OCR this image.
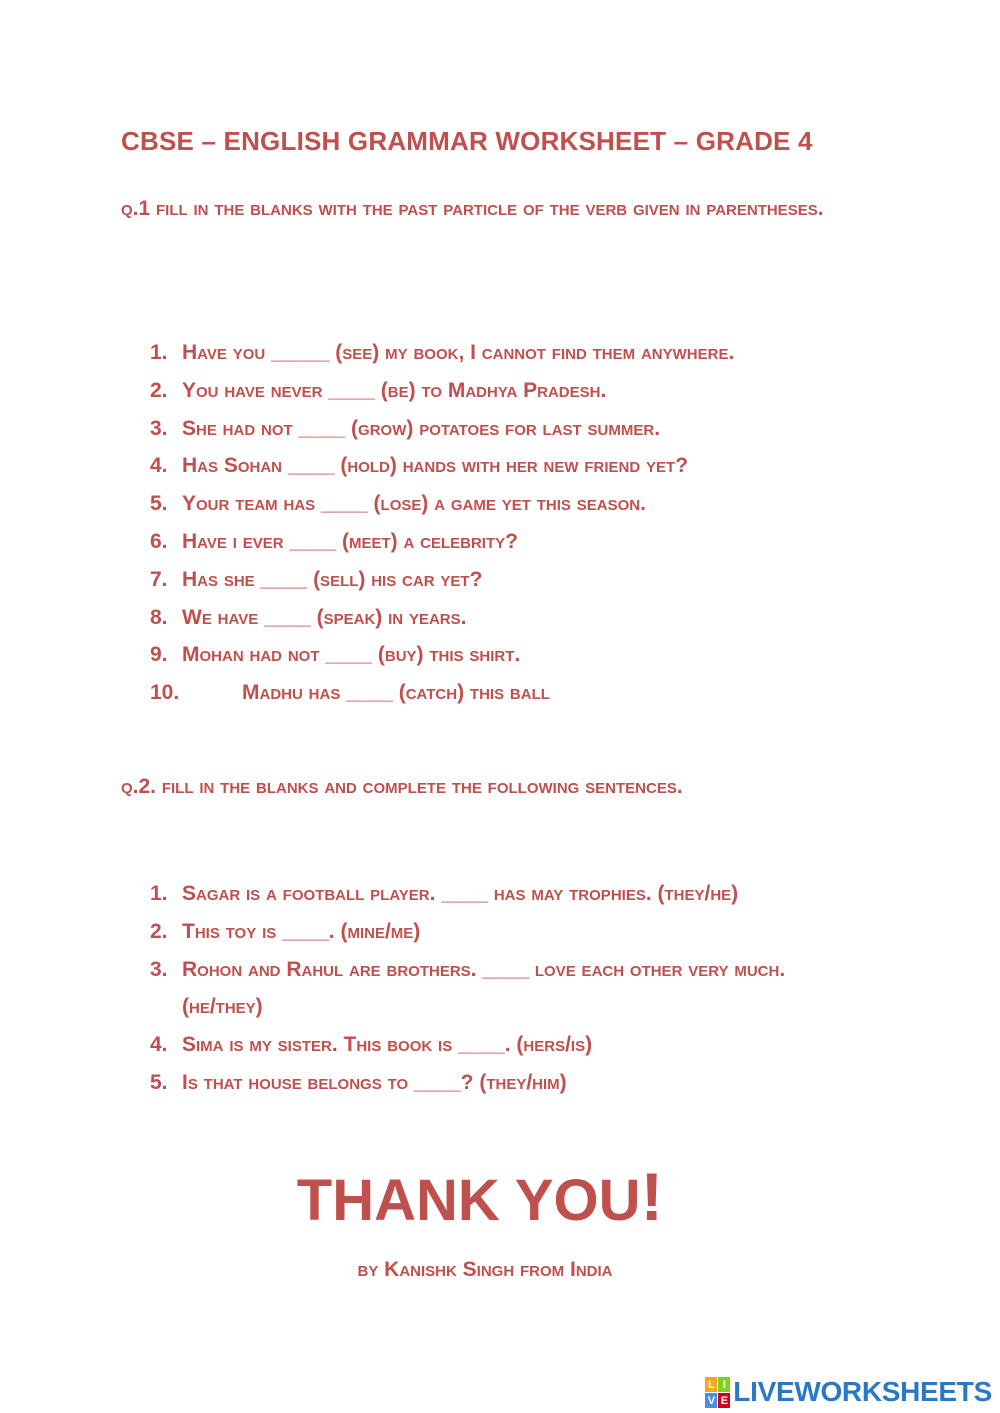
CBSE – ENGLISH GRAMMAR WORKSHEET – GRADE 4
q.1 fill in the blanks with the past particle of the verb given in parentheses.
1. Have you _____ (see) my book, I cannot find them anywhere.
2. You have never ____ (be) to Madhya Pradesh.
3. She had not ____ (grow) potatoes for last summer.
4. Has Sohan ____ (hold) hands with her new friend yet?
5. Your team has ____ (lose) a game yet this season.
6. Have i ever ____ (meet) a celebrity?
7. Has she ____ (sell) his car yet?
8. We have ____ (speak) in years.
9. Mohan had not ____ (buy) this shirt.
10.	Madhu has ____ (catch) this ball
q.2. fill in the blanks and complete the following sentences.
1. Sagar is a football player. ____ has may trophies. (they/he)
2. This toy is ____. (mine/me)
3. Rohon and Rahul are brothers. ____ love each other very much. (he/they)
4. Sima is my sister. This book is ____. (hers/is)
5. Is that house belongs to ____? (they/him)
THANK YOU!
by Kanishk Singh from India
L I
V E LIVEWORKSHEETS
